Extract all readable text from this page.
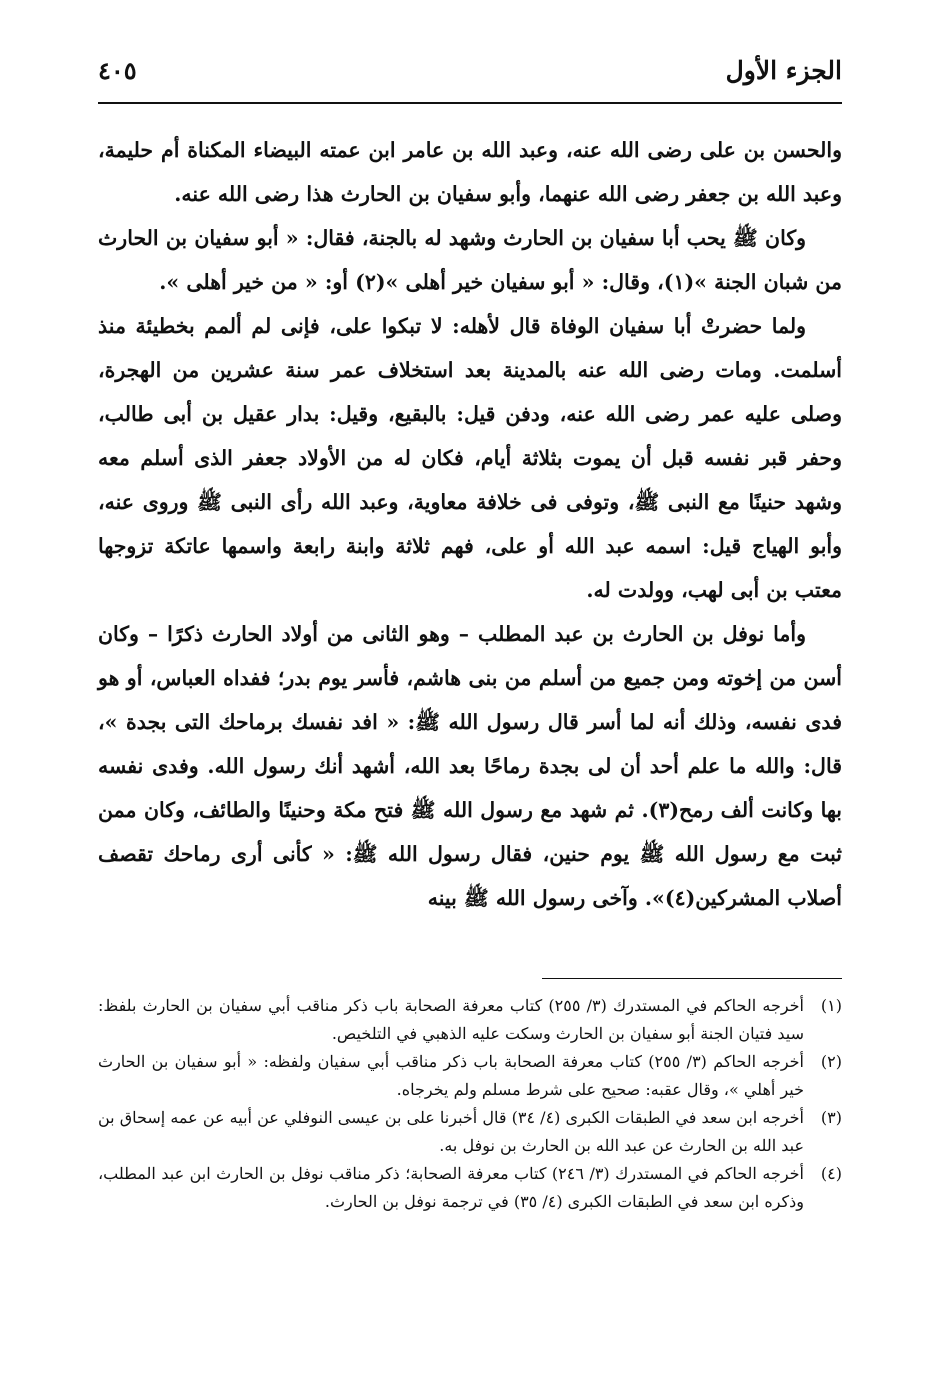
الجزء الأول
٤٠٥

والحسن بن على رضى الله عنه، وعبد الله بن عامر ابن عمته البيضاء المكناة أم حليمة، وعبد الله بن جعفر رضى الله عنهما، وأبو سفيان بن الحارث هذا رضى الله عنه.

وكان ﷺ يحب أبا سفيان بن الحارث وشهد له بالجنة، فقال: « أبو سفيان بن الحارث من شبان الجنة »(١)، وقال: « أبو سفيان خير أهلى »(٢) أو: « من خير أهلى ».

ولما حضرتْ أبا سفيان الوفاة قال لأهله: لا تبكوا على، فإنى لم ألمم بخطيئة منذ أسلمت. ومات رضى الله عنه بالمدينة بعد استخلاف عمر سنة عشرين من الهجرة، وصلى عليه عمر رضى الله عنه، ودفن قيل: بالبقيع، وقيل: بدار عقيل بن أبى طالب، وحفر قبر نفسه قبل أن يموت بثلاثة أيام، فكان له من الأولاد جعفر الذى أسلم معه وشهد حنينًا مع النبى ﷺ، وتوفى فى خلافة معاوية، وعبد الله رأى النبى ﷺ وروى عنه، وأبو الهياج قيل: اسمه عبد الله أو على، فهم ثلاثة وابنة رابعة واسمها عاتكة تزوجها معتب بن أبى لهب، وولدت له.

وأما نوفل بن الحارث بن عبد المطلب – وهو الثانى من أولاد الحارث ذكرًا – وكان أسن من إخوته ومن جميع من أسلم من بنى هاشم، فأسر يوم بدر؛ ففداه العباس، أو هو فدى نفسه، وذلك أنه لما أسر قال رسول الله ﷺ: « افد نفسك برماحك التى بجدة »، قال: والله ما علم أحد أن لى بجدة رماحًا بعد الله، أشهد أنك رسول الله. وفدى نفسه بها وكانت ألف رمح(٣). ثم شهد مع رسول الله ﷺ فتح مكة وحنينًا والطائف، وكان ممن ثبت مع رسول الله ﷺ يوم حنين، فقال رسول الله ﷺ: « كأنى أرى رماحك تقصف أصلاب المشركين(٤)». وآخى رسول الله ﷺ بينه

(١)
أخرجه الحاكم في المستدرك (٣/ ٢٥٥) كتاب معرفة الصحابة باب ذكر مناقب أبي سفيان بن الحارث بلفظ: سيد فتيان الجنة أبو سفيان بن الحارث وسكت عليه الذهبي في التلخيص.

(٢)
أخرجه الحاكم (٣/ ٢٥٥) كتاب معرفة الصحابة باب ذكر مناقب أبي سفيان ولفظه: « أبو سفيان بن الحارث خير أهلي »، وقال عقبه: صحيح على شرط مسلم ولم يخرجاه.

(٣)
أخرجه ابن سعد في الطبقات الكبرى (٤/ ٣٤) قال أخبرنا على بن عيسى النوفلي عن أبيه عن عمه إسحاق بن عبد الله بن الحارث عن عبد الله بن الحارث بن نوفل به.

(٤)
أخرجه الحاكم في المستدرك (٣/ ٢٤٦) كتاب معرفة الصحابة؛ ذكر مناقب نوفل بن الحارث ابن عبد المطلب، وذكره ابن سعد في الطبقات الكبرى (٤/ ٣٥) في ترجمة نوفل بن الحارث.
